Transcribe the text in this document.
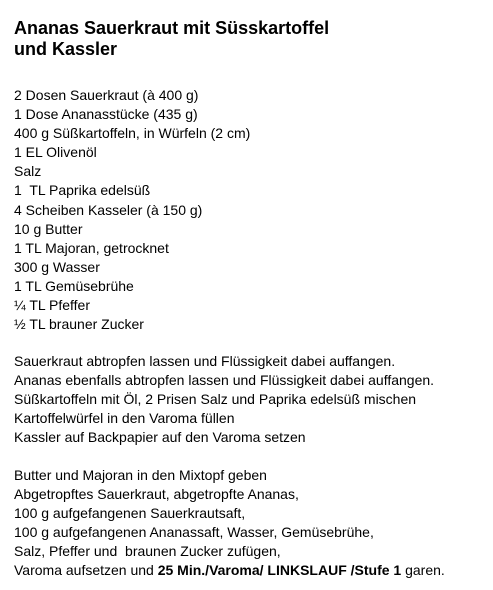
Ananas Sauerkraut mit Süsskartoffel
und Kassler
2 Dosen Sauerkraut (à 400 g)
1 Dose Ananasstücke (435 g)
400 g Süßkartoffeln, in Würfeln (2 cm)
1 EL Olivenöl
Salz
1  TL Paprika edelsüß
4 Scheiben Kasseler (à 150 g)
10 g Butter
1 TL Majoran, getrocknet
300 g Wasser
1 TL Gemüsebrühe
¼ TL Pfeffer
½ TL brauner Zucker
Sauerkraut abtropfen lassen und Flüssigkeit dabei auffangen.
Ananas ebenfalls abtropfen lassen und Flüssigkeit dabei auffangen.
Süßkartoffeln mit Öl, 2 Prisen Salz und Paprika edelsüß mischen
Kartoffelwürfel in den Varoma füllen
Kassler auf Backpapier auf den Varoma setzen
Butter und Majoran in den Mixtopf geben
Abgetropftes Sauerkraut, abgetropfte Ananas,
100 g aufgefangenen Sauerkrautsaft,
100 g aufgefangenen Ananassaft, Wasser, Gemüsebrühe,
Salz, Pfeffer und  braunen Zucker zufügen,
Varoma aufsetzen und 25 Min./Varoma/ LINKSLAUF /Stufe 1 garen.
